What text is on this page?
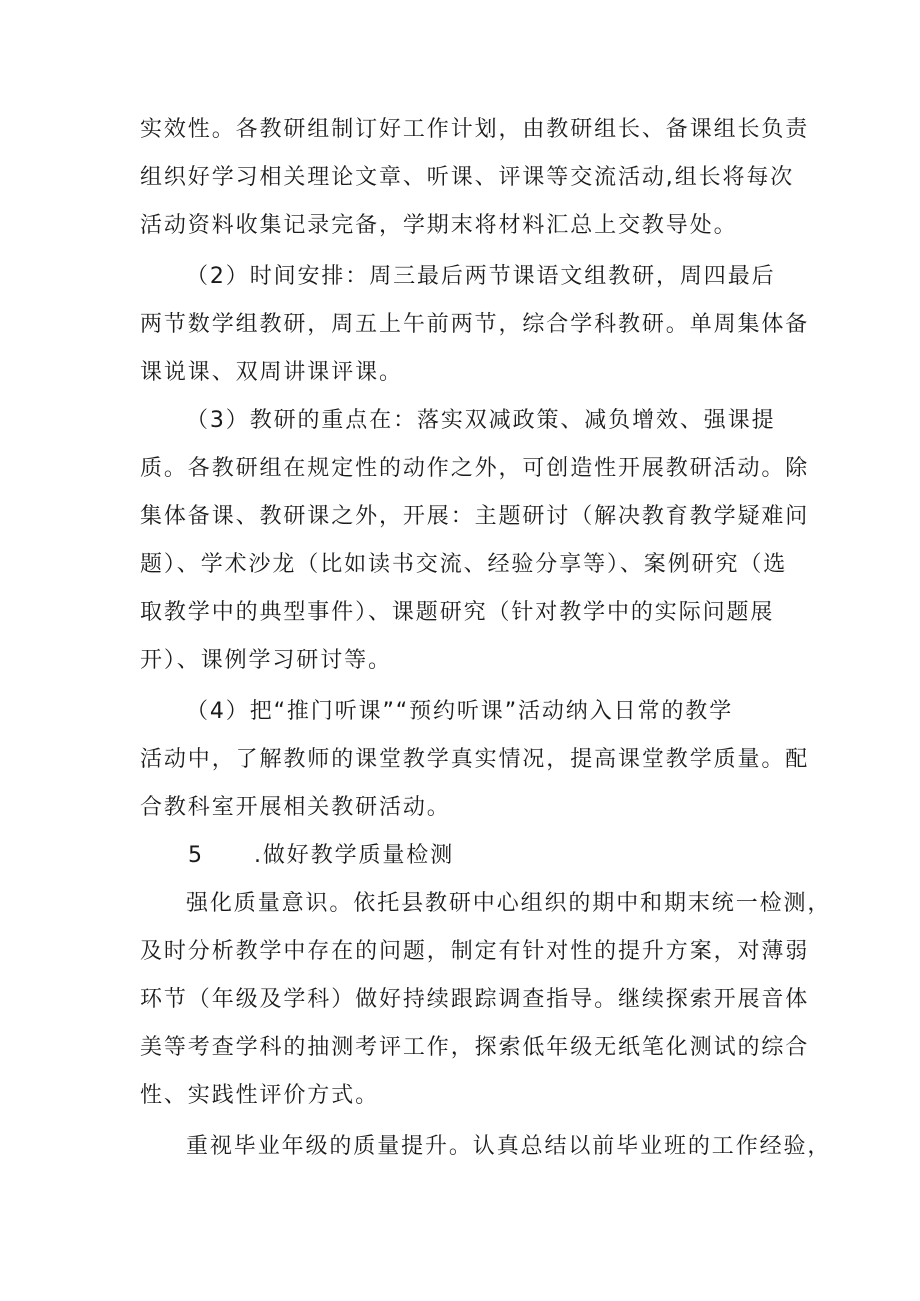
实效性。各教研组制订好工作计划，由教研组长、备课组长负责
组织好学习相关理论文章、听课、评课等交流活动,组长将每次
活动资料收集记录完备，学期末将材料汇总上交教导处。
（2）时间安排：周三最后两节课语文组教研，周四最后
两节数学组教研，周五上午前两节，综合学科教研。单周集体备
课说课、双周讲课评课。
（3）教研的重点在：落实双减政策、减负增效、强课提
质。各教研组在规定性的动作之外，可创造性开展教研活动。除
集体备课、教研课之外，开展：主题研讨（解决教育教学疑难问
题）、学术沙龙（比如读书交流、经验分享等）、案例研究（选
取教学中的典型事件）、课题研究（针对教学中的实际问题展
开）、课例学习研讨等。
（4）把“推门听课”“预约听课”活动纳入日常的教学
活动中，了解教师的课堂教学真实情况，提高课堂教学质量。配
合教科室开展相关教研活动。
5 .做好教学质量检测
强化质量意识。依托县教研中心组织的期中和期末统一检测，
及时分析教学中存在的问题，制定有针对性的提升方案，对薄弱
环节（年级及学科）做好持续跟踪调查指导。继续探索开展音体
美等考查学科的抽测考评工作，探索低年级无纸笔化测试的综合
性、实践性评价方式。
重视毕业年级的质量提升。认真总结以前毕业班的工作经验，
